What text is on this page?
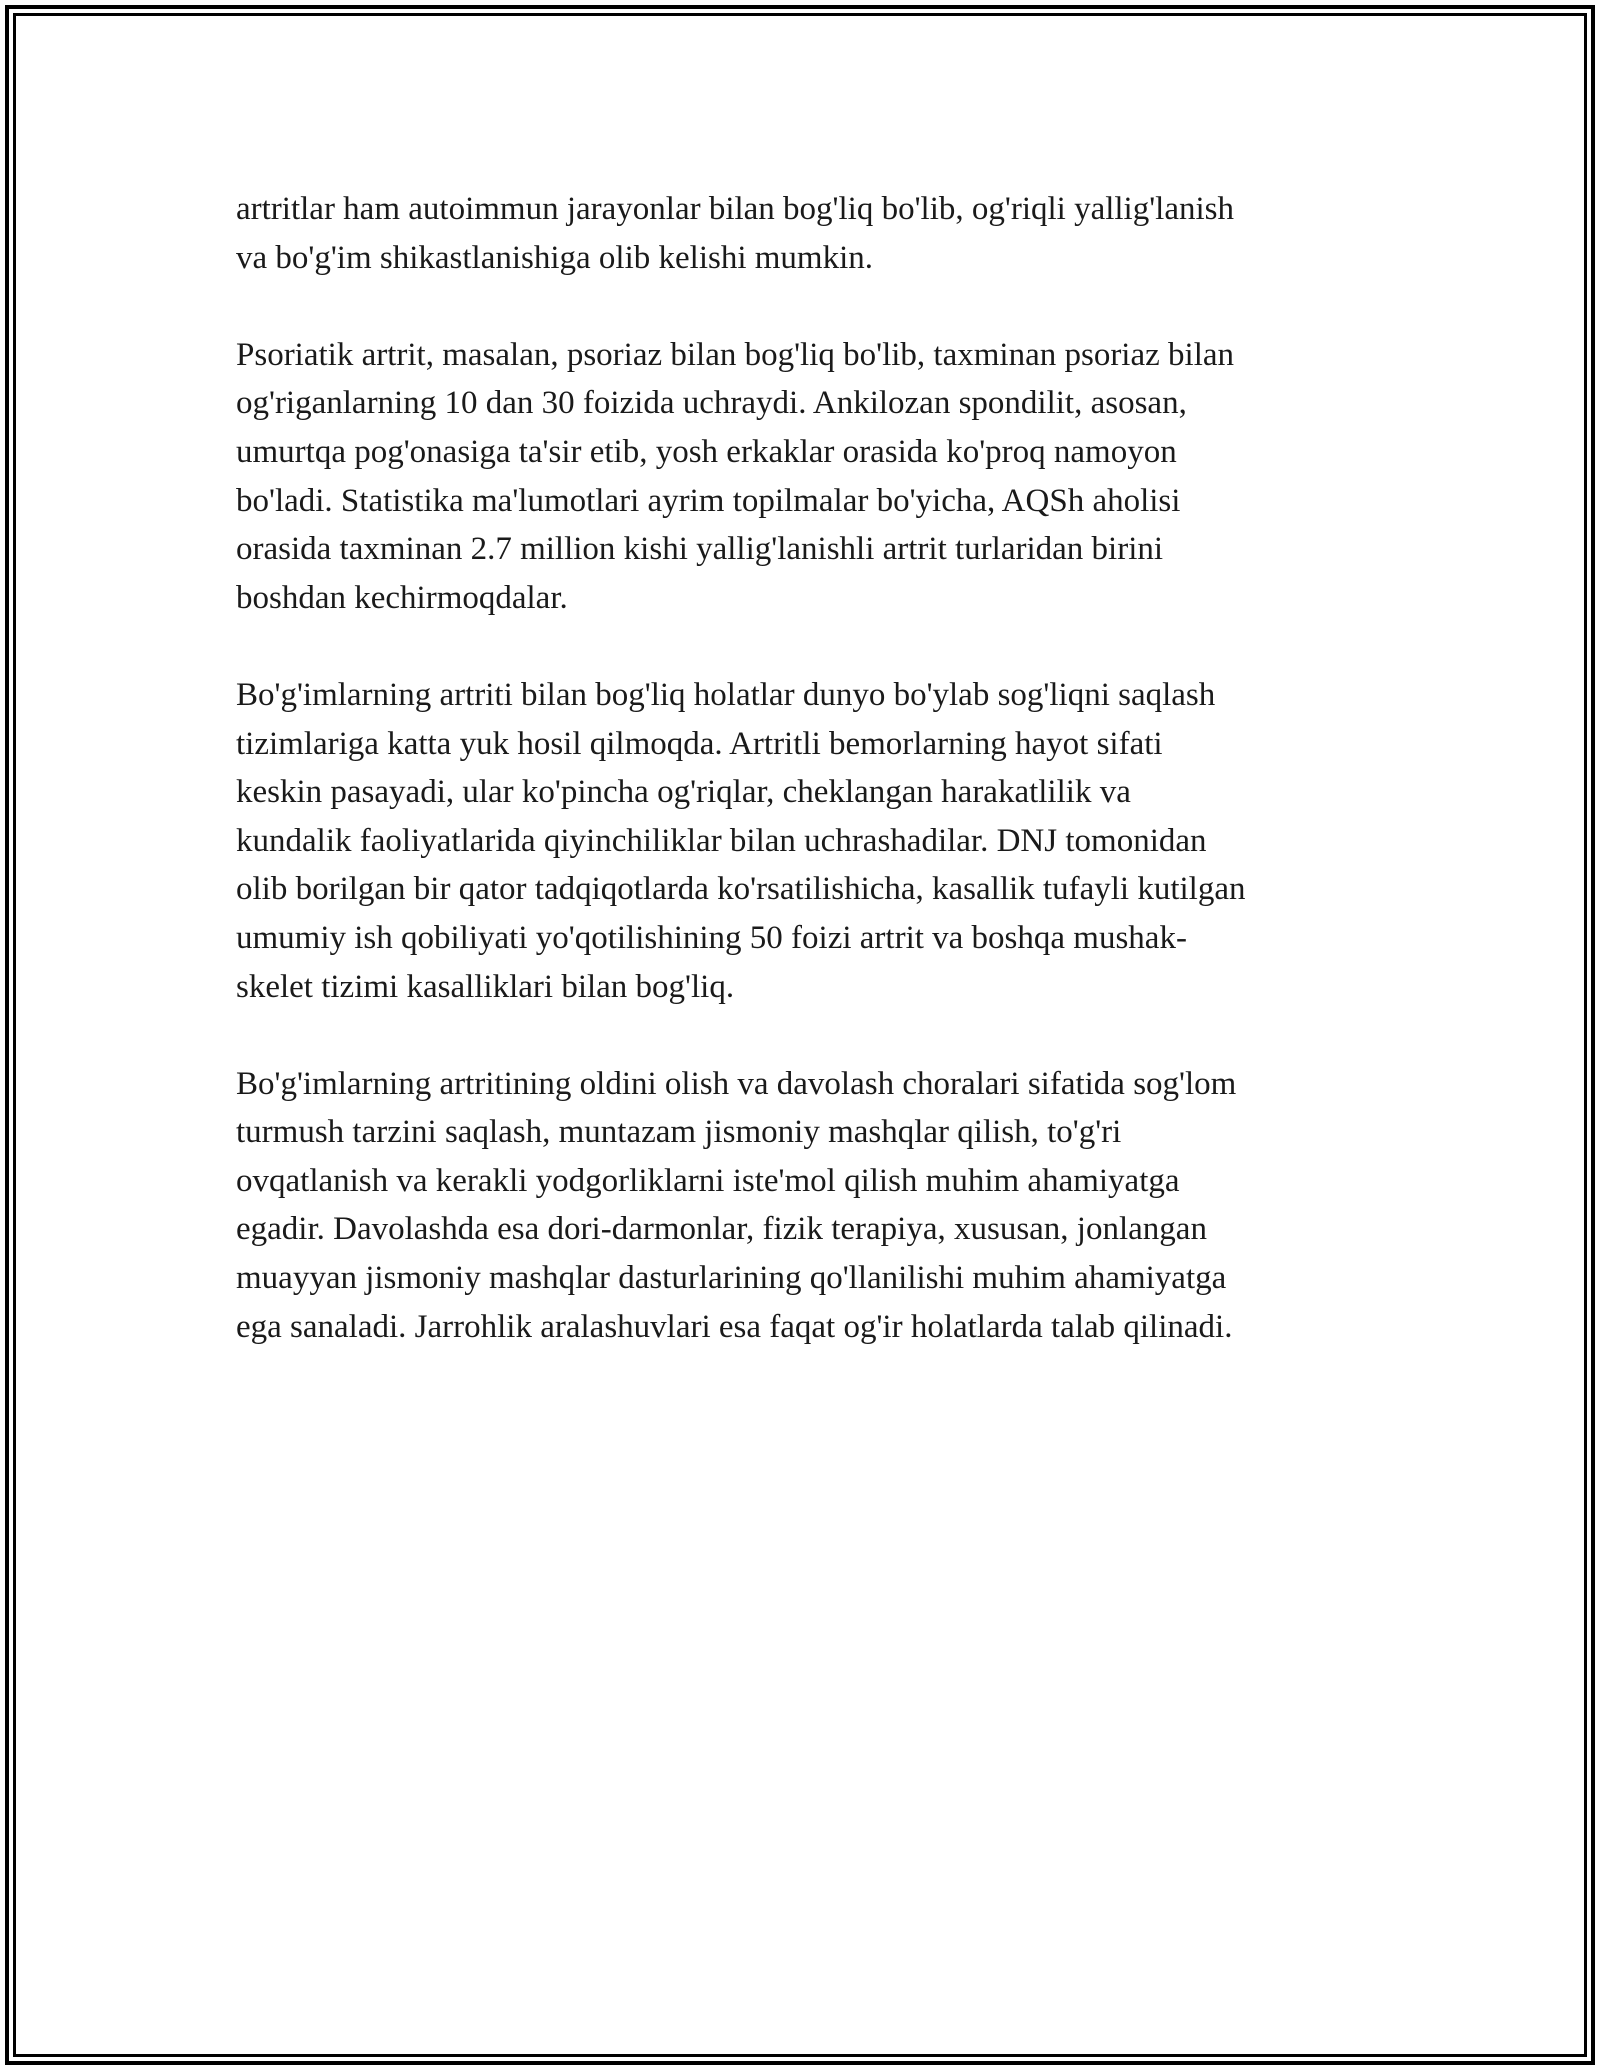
artritlar ham autoimmun jarayonlar bilan bog'liq bo'lib, og'riqli yallig'lanish
va bo'g'im shikastlanishiga olib kelishi mumkin.

Psoriatik artrit, masalan, psoriaz bilan bog'liq bo'lib, taxminan psoriaz bilan
og'riganlarning 10 dan 30 foizida uchraydi. Ankilozan spondilit, asosan,
umurtqa pog'onasiga ta'sir etib, yosh erkaklar orasida ko'proq namoyon
bo'ladi. Statistika ma'lumotlari ayrim topilmalar bo'yicha, AQSh aholisi
orasida taxminan 2.7 million kishi yallig'lanishli artrit turlaridan birini
boshdan kechirmoqdalar.

Bo'g'imlarning artriti bilan bog'liq holatlar dunyo bo'ylab sog'liqni saqlash
tizimlariga katta yuk hosil qilmoqda. Artritli bemorlarning hayot sifati
keskin pasayadi, ular ko'pincha og'riqlar, cheklangan harakatlilik va
kundalik faoliyatlarida qiyinchiliklar bilan uchrashadilar. DNJ tomonidan
olib borilgan bir qator tadqiqotlarda ko'rsatilishicha, kasallik tufayli kutilgan
umumiy ish qobiliyati yo'qotilishining 50 foizi artrit va boshqa mushak-
skelet tizimi kasalliklari bilan bog'liq.

Bo'g'imlarning artritining oldini olish va davolash choralari sifatida sog'lom
turmush tarzini saqlash, muntazam jismoniy mashqlar qilish, to'g'ri
ovqatlanish va kerakli yodgorliklarni iste'mol qilish muhim ahamiyatga
egadir. Davolashda esa dori-darmonlar, fizik terapiya, xususan, jonlangan
muayyan jismoniy mashqlar dasturlarining qo'llanilishi muhim ahamiyatga
ega sanaladi. Jarrohlik aralashuvlari esa faqat og'ir holatlarda talab qilinadi.
